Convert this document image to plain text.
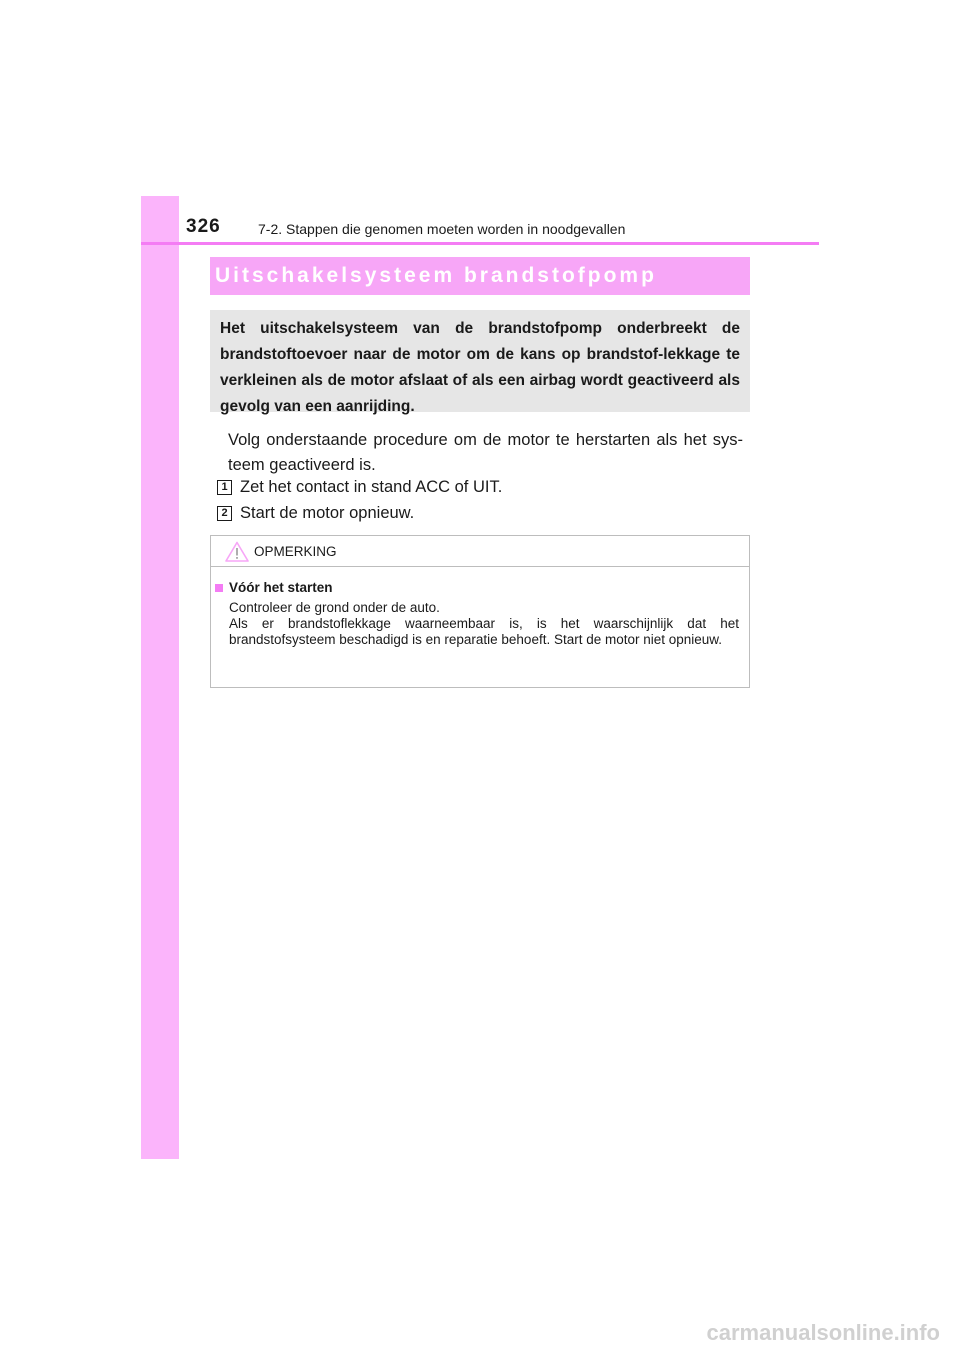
326	7-2. Stappen die genomen moeten worden in noodgevallen
Uitschakelsysteem brandstofpomp
Het uitschakelsysteem van de brandstofpomp onderbreekt de brandstoftoevoer naar de motor om de kans op brandstof-lekkage te verkleinen als de motor afslaat of als een airbag wordt geactiveerd als gevolg van een aanrijding.
Volg onderstaande procedure om de motor te herstarten als het sys-teem geactiveerd is.
1 Zet het contact in stand ACC of UIT.
2 Start de motor opnieuw.
OPMERKING
Vóór het starten

Controleer de grond onder de auto.

Als er brandstoflekkage waarneembaar is, is het waarschijnlijk dat het brandstofsysteem beschadigd is en reparatie behoeft. Start de motor niet opnieuw.

carmanualsonline.info
